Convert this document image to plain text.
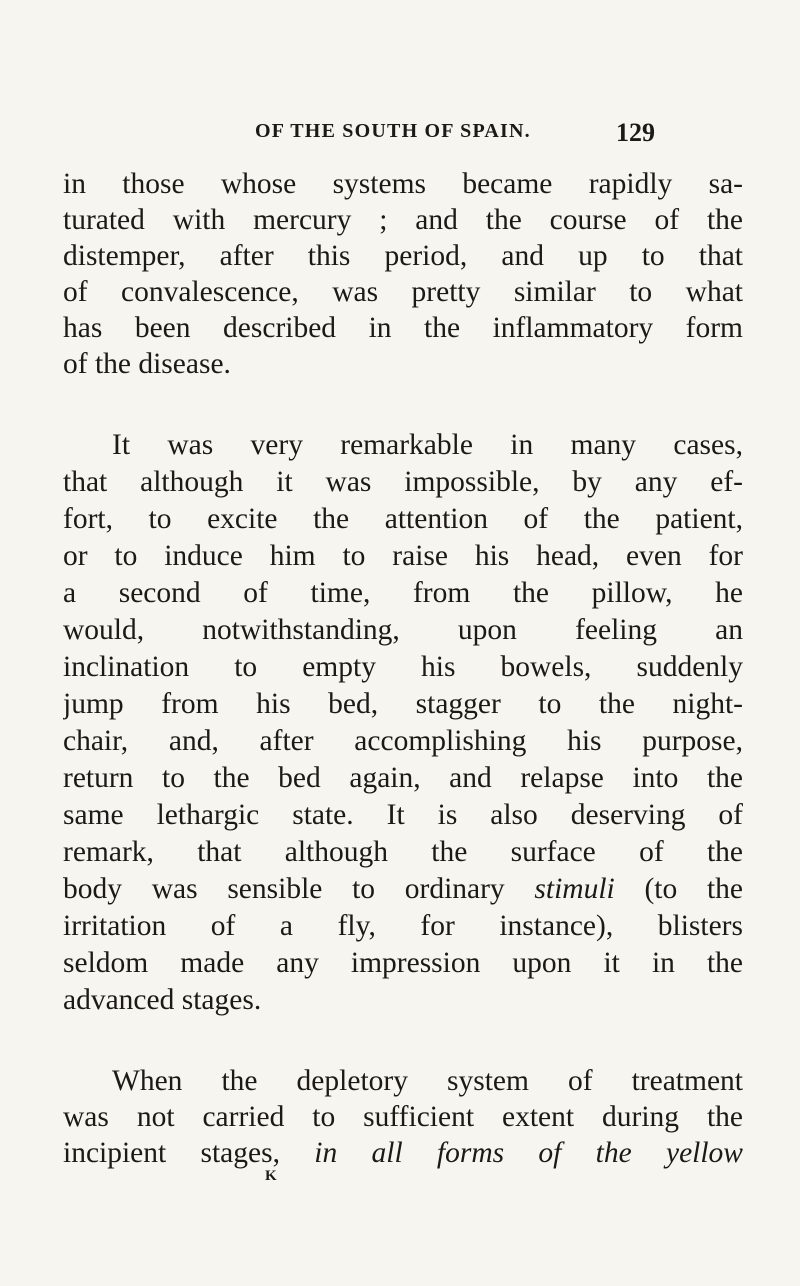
OF THE SOUTH OF SPAIN.	129
in those whose systems became rapidly sa-
turated with mercury ; and the course of the
distemper, after this period, and up to that
of convalescence, was pretty similar to what
has been described in the inflammatory form
of the disease.
It was very remarkable in many cases,
that although it was impossible, by any ef-
fort, to excite the attention of the patient,
or to induce him to raise his head, even for
a second of time, from the pillow, he
would, notwithstanding, upon feeling an
inclination to empty his bowels, suddenly
jump from his bed, stagger to the night-
chair, and, after accomplishing his purpose,
return to the bed again, and relapse into the
same lethargic state. It is also deserving of
remark, that although the surface of the
body was sensible to ordinary stimuli (to the
irritation of a fly, for instance), blisters
seldom made any impression upon it in the
advanced stages.
When the depletory system of treatment
was not carried to sufficient extent during the
incipient stages, in all forms of the yellow
K
